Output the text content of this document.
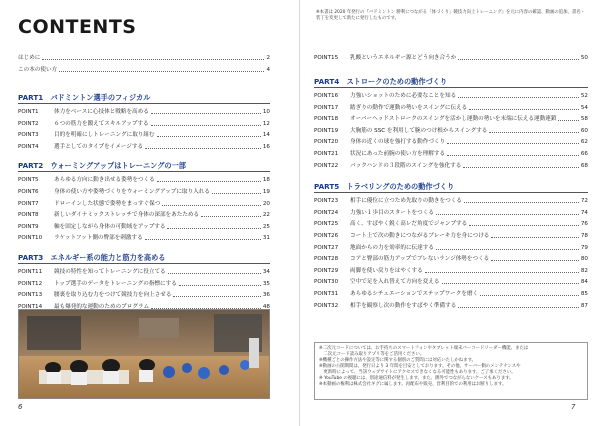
CONTENTS
はじめに	2
この本の使い方	4
PART1　バドミントン選手のフィジカル
POINT1	体力をベースに心技体と戦略を高める	10
POINT2	６つの筋力を鍛えてスキルアップする	12
POINT3	目的を明確にしトレーニングに取り組む	14
POINT4	選手としてのタイプをイメージする	16
PART2　ウォーミングアップはトレーニングの一部
POINT5	あらゆる方向に動き出せる姿勢をつくる	18
POINT6	身体の使い方や姿勢づくりをウォーミングアップに取り入れる	19
POINT7	ドローインした状態で姿勢をまっすぐ保つ	20
POINT8	新しいダイナミックストレッチで身体の深部をあたためる	22
POINT9	軸を固定しながら身体の可動域をアップする	25
POINT10	ラケットフット側の臀部を刺激する	31
PART3　エネルギー系の能力と筋力を高める
POINT11	競技の特性を知ってトレーニングに役立てる	34
POINT12	トップ選手のデータをトレーニングの指標にする	35
POINT13	腰裏を取り込む力をつけて競技力を向上させる	36
POINT14	最も爆発的な運動のためのプログラム	48
6
※本書は 2020 年発行の『バドミントン 勝利につながる「体づくり」競技力向上トレーニング』を元に内容の確認、動画の追加、書名・装丁を変更して新たに発行したものです。
POINT15	乳酸というエネルギー源とどう向き合うか	50
PART4　ストロークのための動作づくり
POINT16	力強いショットのために必要なことを知る	52
POINT17	踏ぎりの動作で運動の勢いをスイングに伝える	54
POINT18	オーバーヘッドストロークのスイングを活かし運動の勢いを末端に伝える運動連鎖	58
POINT19	大胸筋の SSC を利用して腕のつけ根からスイングする	60
POINT20	身体の近くの球を強打する動作づくり	62
POINT21	状況にあった前腕の使い方を理解する	66
POINT22	バックハンドの３段階のスイングを強化する	68
PART5　トラベリングのための動作づくり
POINT23	相手に優位に立つため先取りの動きをつくる	72
POINT24	力強い１歩目のスタートをつくる	74
POINT25	高く、すばやく鋭く高レだ角度でジャンプする	76
POINT26	コート上で次の動きにつながるブレーキ力を身につける	78
POINT27	地面からの力を効率的に伝達する	79
POINT28	コアと臀部の筋力アップでブレないランジ体勢をつくる	80
POINT29	両脚を使い戻りをはやくする	82
POINT30	空中で足を入れ替えて方向を変える	84
POINT31	あらゆるシチュエーションでステップワークを磨く	85
POINT32	相手を観察し次の動作をすばやく準備する	87
※二次元コードについては、お手持ちのスマートフォンやタブレット端末バーコードリーダー機能、または
　二次元コード読み取りアプリ等をご活用ください。
※機種ごとの操作方法や設定等に関する個別のご質問には対応いたしかねます。
※動画の公開期間は、発行日より 3 年間を目安としております。その他、サーバー側のメンテナンスや
　更新時によって、当該ウェブサイトにアクセスできなくなる可能性もあります。ご了承ください。
※ YouTube の視聴には、別途通信料が発生します。また、圏外でつながらないケースもあります。
※本動画の権利は株式会社ギグに属します。再配布や販売、営利目的での利用はお断りします。
7
